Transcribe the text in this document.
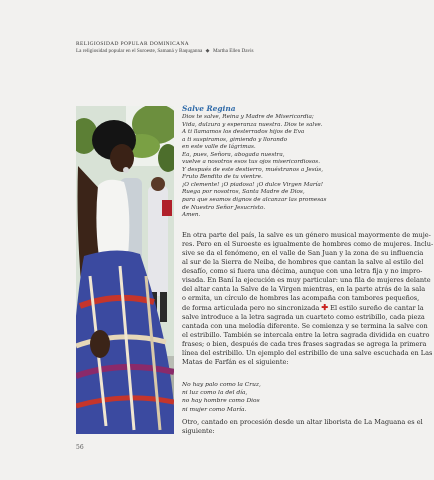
RELIGIOSIDAD POPULAR DOMINICANA
La religiosidad popular en el Suroeste, Samaná y Baquganna ◆ Martha Ellen Davis
Salve Regina
Dios te salve, Reina y Madre de Misericordia;
Vida, dulzura y esperanza nuestra. Dios te salve.
A ti llamamos los desterrados hijos de Eva
a ti suspiramos, gimiendo y llorando
en este valle de lágrimas.
Ea, pues, Señora, abogada nuestra,
vuelve a nosotros esos tus ojos misericordiosos.
Y después de este destierro, muéstranos a Jesús,
Fruto Bendito de tu vientre.
¡O clemente! ¡O piadosa! ¡O dulce Virgen María!
Ruega por nosotros, Santa Madre de Dios,
para que seamos dignos de alcanzar las promesas
de Nuestro Señor Jesucristo.
Amen.
En otra parte del país, la salve es un género musical mayormente de muje-
res. Pero en el Suroeste es igualmente de hombres como de mujeres. Inclu-
sive se da el fenómeno, en el valle de San Juan y la zona de su influencia
al sur de la Sierra de Neiba, de hombres que cantan la salve al estilo del
desafío, como si fuera una décima, aunque con una letra fija y no impro-
visada. En Baní la ejecución es muy particular: una fila de mujeres delante
del altar canta la Salve de la Virgen mientras, en la parte atrás de la sala
o ermita, un círculo de hombres las acompaña con tambores pequeños,
de forma articulada pero no sincronizada ✚ El estilo sureño de cantar la
salve introduce a la letra sagrada un cuarteto como estribillo, cada pieza
cantada con una melodía diferente. Se comienza y se termina la salve con
el estribillo. También se intercala entre la letra sagrada dividida en cuatro
frases; o bien, después de cada tres frases sagradas se agrega la primera
línea del estribillo. Un ejemplo del estribillo de una salve escuchada en Las
Matas de Farfán es el siguiente:
No hay palo como la Cruz,
ni luz como la del día,
no hay hombre como Dios
ni mujer como María.
Otro, cantado en procesión desde un altar liborista de La Maguana es el
siguiente:
56
